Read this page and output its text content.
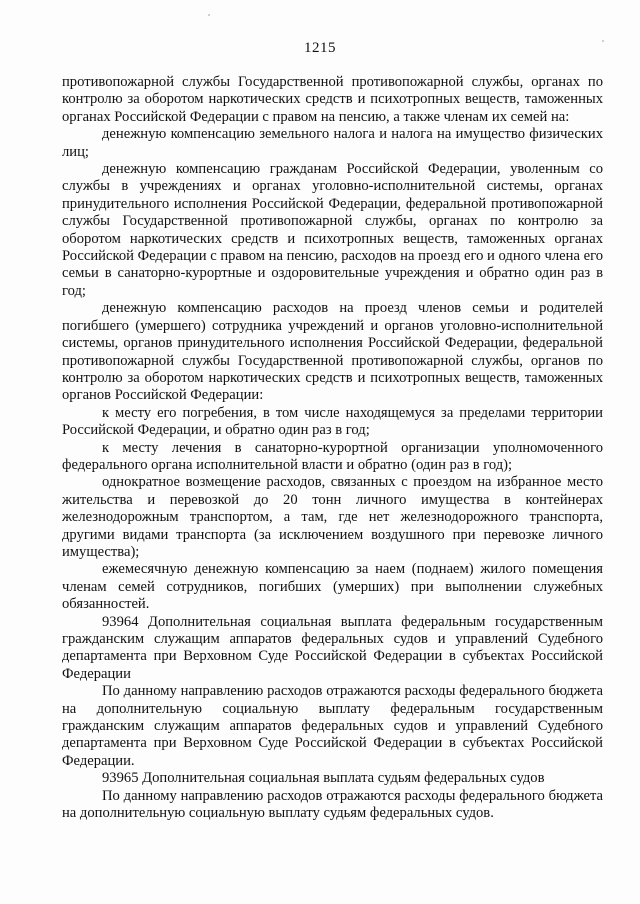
1215

противопожарной службы Государственной противопожарной службы, органах по контролю за оборотом наркотических средств и психотропных веществ, таможенных органах Российской Федерации с правом на пенсию, а также членам их семей на:

денежную компенсацию земельного налога и налога на имущество физических лиц;

денежную компенсацию гражданам Российской Федерации, уволенным со службы в учреждениях и органах уголовно-исполнительной системы, органах принудительного исполнения Российской Федерации, федеральной противопожарной службы Государственной противопожарной службы, органах по контролю за оборотом наркотических средств и психотропных веществ, таможенных органах Российской Федерации с правом на пенсию, расходов на проезд его и одного члена его семьи в санаторно-курортные и оздоровительные учреждения и обратно один раз в год;

денежную компенсацию расходов на проезд членов семьи и родителей погибшего (умершего) сотрудника учреждений и органов уголовно-исполнительной системы, органов принудительного исполнения Российской Федерации, федеральной противопожарной службы Государственной противопожарной службы, органов по контролю за оборотом наркотических средств и психотропных веществ, таможенных органов Российской Федерации:

к месту его погребения, в том числе находящемуся за пределами территории Российской Федерации, и обратно один раз в год;

к месту лечения в санаторно-курортной организации уполномоченного федерального органа исполнительной власти и обратно (один раз в год);

однократное возмещение расходов, связанных с проездом на избранное место жительства и перевозкой до 20 тонн личного имущества в контейнерах железнодорожным транспортом, а там, где нет железнодорожного транспорта, другими видами транспорта (за исключением воздушного при перевозке личного имущества);

ежемесячную денежную компенсацию за наем (поднаем) жилого помещения членам семей сотрудников, погибших (умерших) при выполнении служебных обязанностей.

93964 Дополнительная социальная выплата федеральным государственным гражданским служащим аппаратов федеральных судов и управлений Судебного департамента при Верховном Суде Российской Федерации в субъектах Российской Федерации

По данному направлению расходов отражаются расходы федерального бюджета на дополнительную социальную выплату федеральным государственным гражданским служащим аппаратов федеральных судов и управлений Судебного департамента при Верховном Суде Российской Федерации в субъектах Российской Федерации.

93965 Дополнительная социальная выплата судьям федеральных судов

По данному направлению расходов отражаются расходы федерального бюджета на дополнительную социальную выплату судьям федеральных судов.
